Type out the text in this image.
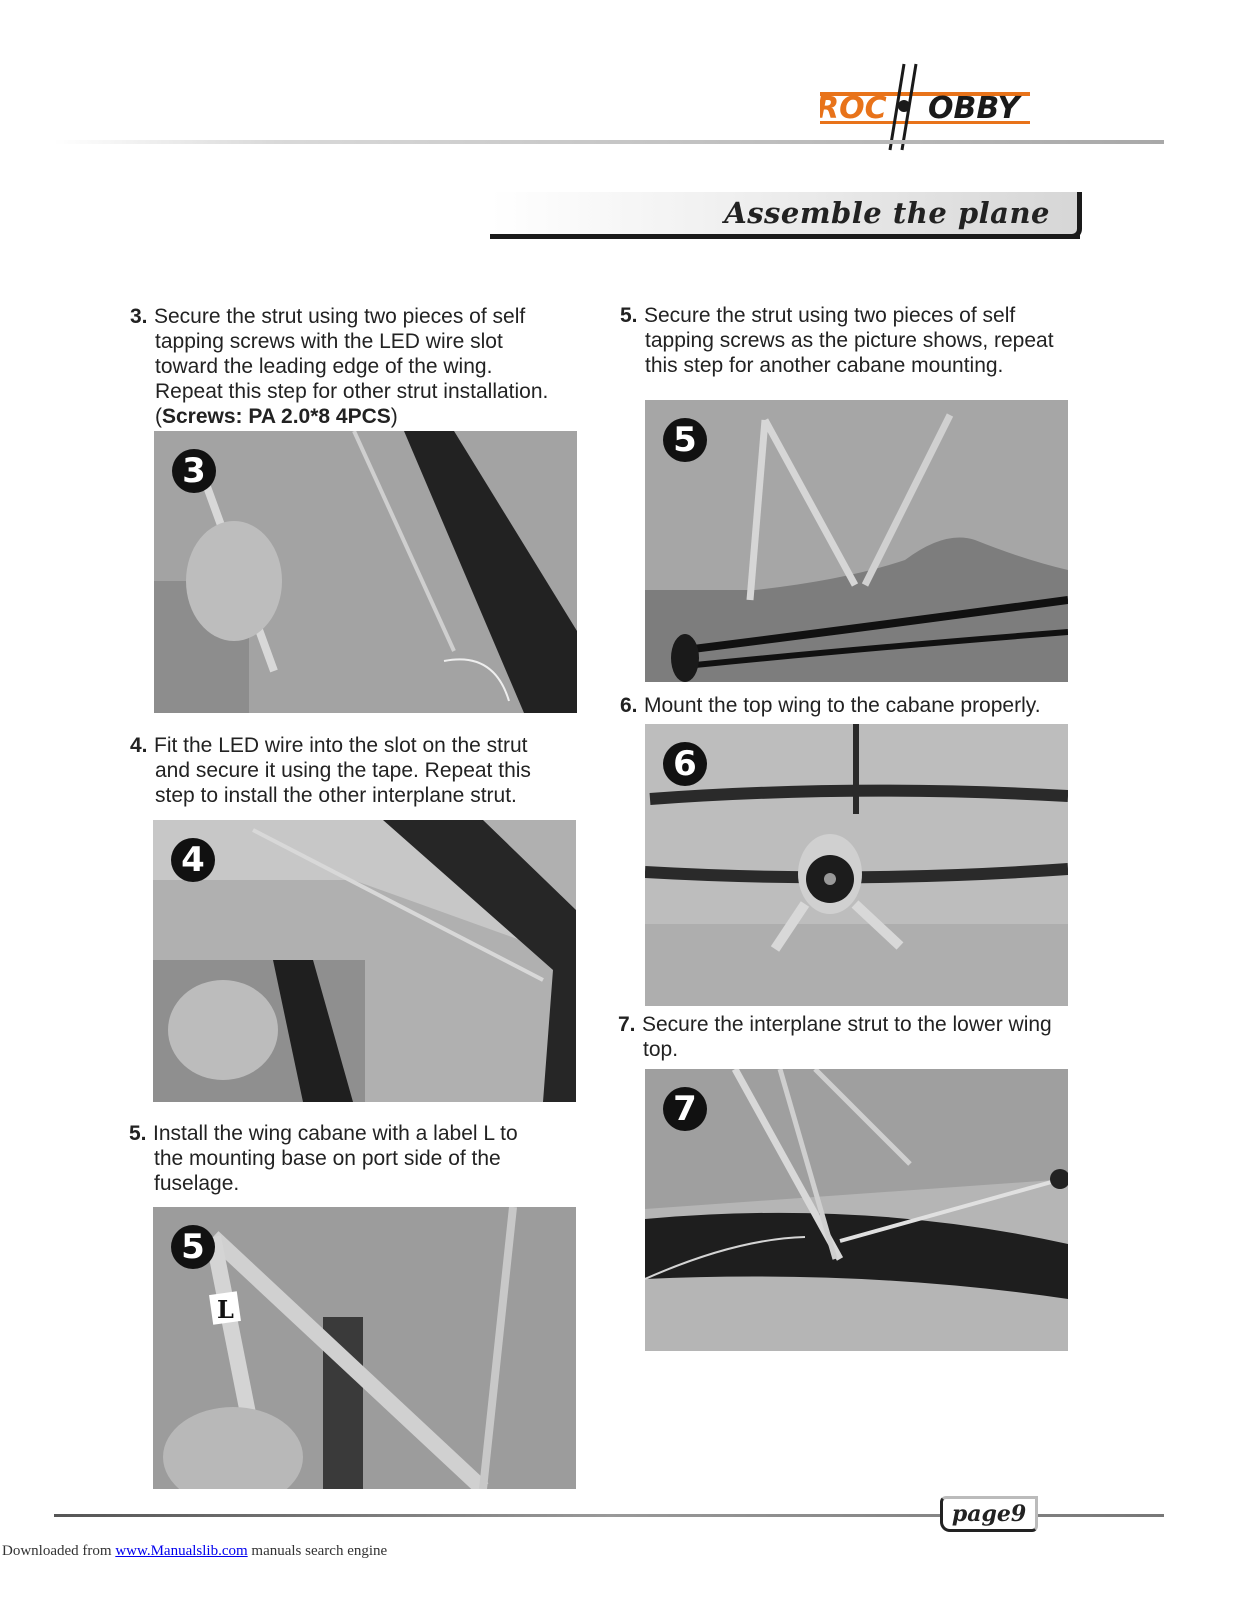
ROC OBBY
Assemble the plane
3. Secure the strut using two pieces of self
tapping screws with the LED wire slot
toward the leading edge of the wing.
Repeat this step for other strut installation.
(Screws: PA 2.0*8 4PCS)
3
4. Fit the LED wire into the slot on the strut
and secure it using the tape. Repeat this
step to install the other interplane strut.
4
5. Install the wing cabane with a label L to
the mounting base on port side of the
fuselage.
L
5
5. Secure the strut using two pieces of self
tapping screws as the picture shows, repeat
this step for another cabane mounting.
5
6. Mount the top wing to the cabane properly.
6
7. Secure the interplane strut to the lower wing
top.
7
page9
Downloaded from www.Manualslib.com manuals search engine
